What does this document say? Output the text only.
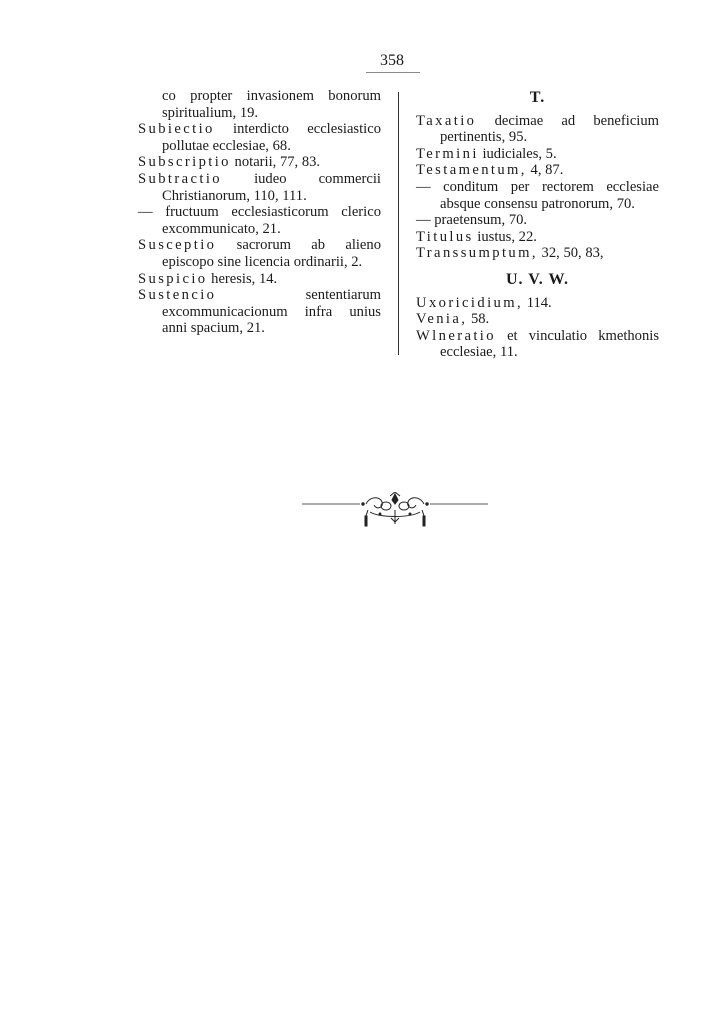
358
co propter invasionem bonorum spiritualium, 19.
Subiectio interdicto ecclesiastico pollutae ecclesiae, 68.
Subscriptio notarii, 77, 83.
Subtractio iudeo commercii Christianorum, 110, 111.
— fructuum ecclesiasticorum clerico excommunicato, 21.
Susceptio sacrorum ab alieno episcopo sine licencia ordinarii, 2.
Suspicio heresis, 14.
Sustencio	sententiarum excommunicacionum infra unius anni spacium, 21.
T.
Taxatio decimae ad beneficium pertinentis, 95.
Termini iudiciales, 5.
Testamentum, 4, 87.
— conditum per rectorem ecclesiae absque consensu patronorum, 70.
— praetensum, 70.
Titulus iustus, 22.
Transsumptum, 32, 50, 83,
U. V. W.
Uxoricidium, 114.
Venia, 58.
Wlneratio et vinculatio kmethonis ecclesiae, 11.
